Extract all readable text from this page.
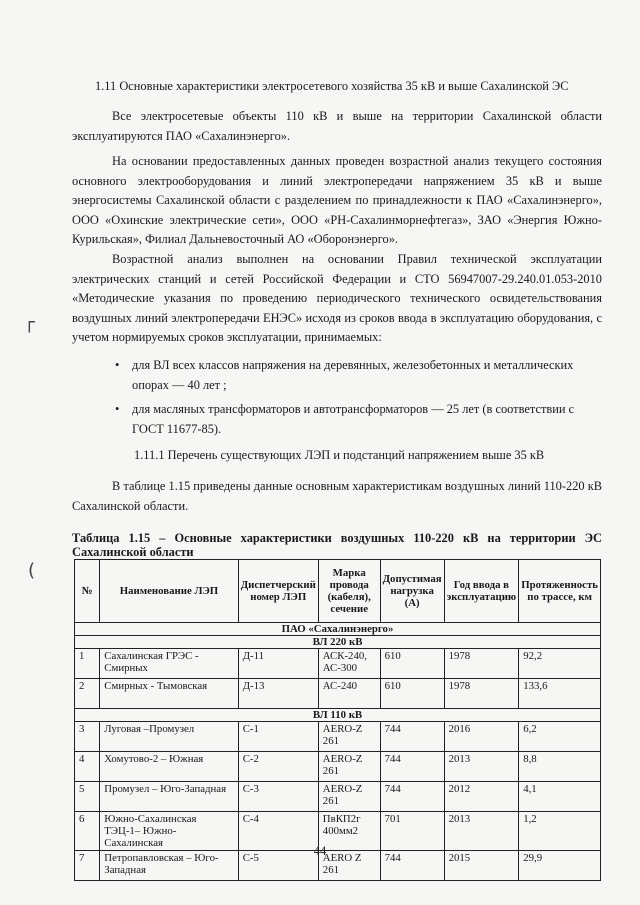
1.11 Основные характеристики электросетевого хозяйства 35 кВ и выше Сахалинской ЭС

Все электросетевые объекты 110 кВ и выше на территории Сахалинской области эксплуатируются ПАО «Сахалинэнерго».

На основании предоставленных данных проведен возрастной анализ текущего состояния основного электрооборудования и линий электропередачи напряжением 35 кВ и выше энергосистемы Сахалинской области с разделением по принадлежности к ПАО «Сахалинэнерго», ООО «Охинские электрические сети», ООО «РН-Сахалинморнефтегаз», ЗАО «Энергия Южно-Курильская», Филиал Дальневосточный АО «Оборонэнерго».

Возрастной анализ выполнен на основании Правил технической эксплуатации электрических станций и сетей Российской Федерации и СТО 56947007-29.240.01.053-2010 «Методические указания по проведению периодического технического освидетельствования воздушных линий электропередачи ЕНЭС» исходя из сроков ввода в эксплуатацию оборудования, с учетом нормируемых сроков эксплуатации, принимаемых:

• для ВЛ всех классов напряжения на деревянных, железобетонных и металлических опорах — 40 лет ;
• для масляных трансформаторов и автотрансформаторов — 25 лет (в соответствии с ГОСТ 11677-85).
1.11.1 Перечень существующих ЛЭП и подстанций напряжением выше 35 кВ

В таблице 1.15 приведены данные основным характеристикам воздушных линий 110-220 кВ Сахалинской области.

Таблица 1.15 – Основные характеристики воздушных 110-220 кВ на территории ЭС Сахалинской области
№	Наименование ЛЭП	Диспетчерский номер ЛЭП	Марка провода (кабеля), сечение	Допустимая нагрузка (А)	Год ввода в эксплуатацию	Протяженность по трассе, км
ПАО «Сахалинэнерго»						
ВЛ 220 кВ						
1	Сахалинская ГРЭС - Смирных	Д-11	АСК-240, АС-300	610	1978	92,2
2	Смирных - Тымовская	Д-13	АС-240	610	1978	133,6
ВЛ 110 кВ						
3	Луговая –Промузел	С-1	AERO-Z 261	744	2016	6,2
4	Хомутово-2 – Южная	С-2	AERO-Z 261	744	2013	8,8
5	Промузел – Юго-Западная	С-3	AERO-Z 261	744	2012	4,1
6	Южно-Сахалинская ТЭЦ-1– Южно-Сахалинская	С-4	ПвКП2г 400мм2	701	2013	1,2
7	Петропавловская – Юго-Западная	С-5	AERO Z 261	744	2015	29,9
44
┌
(
